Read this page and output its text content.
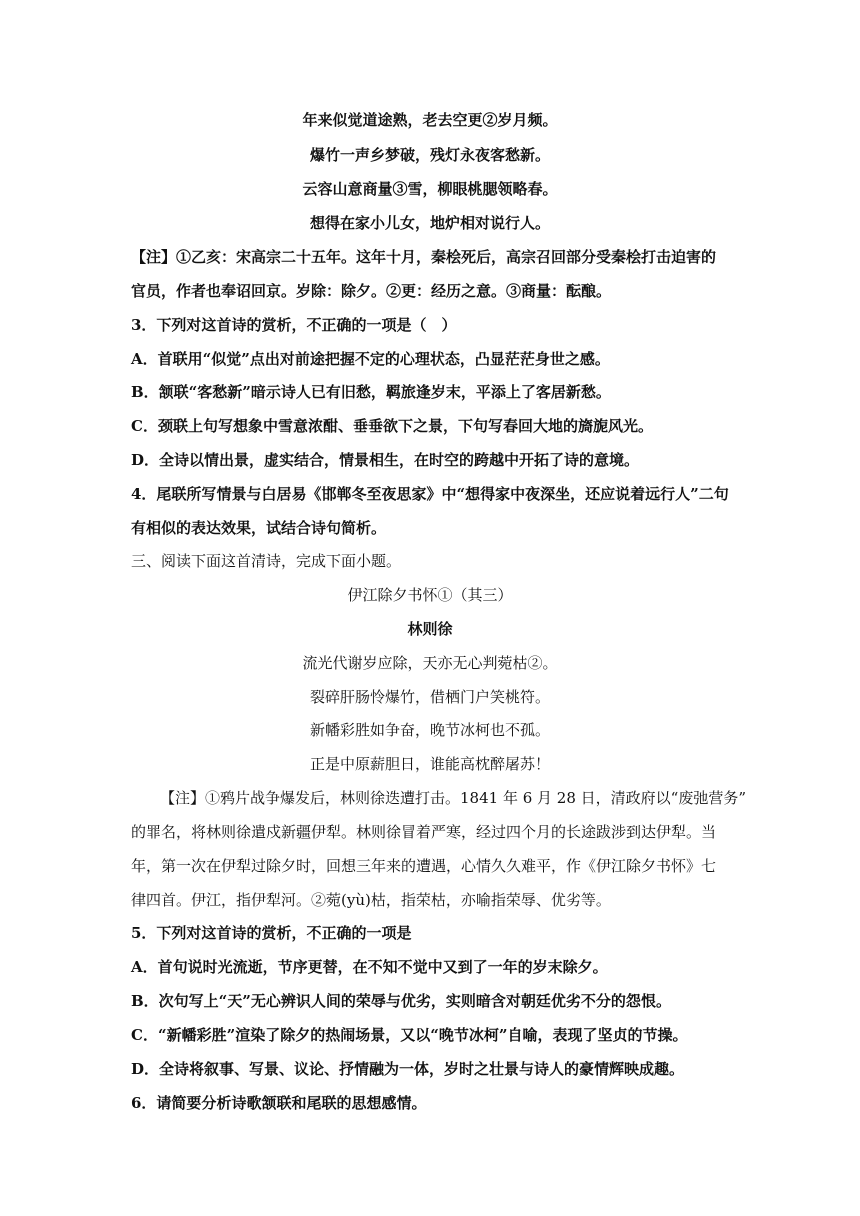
年来似觉道途熟，老去空更②岁月频。
爆竹一声乡梦破，残灯永夜客愁新。
云容山意商量③雪，柳眼桃腮领略春。
想得在家小儿女，地炉相对说行人。
【注】①乙亥：宋高宗二十五年。这年十月，秦桧死后，高宗召回部分受秦桧打击迫害的
官员，作者也奉诏回京。岁除：除夕。②更：经历之意。③商量：酝酿。
3．下列对这首诗的赏析，不正确的一项是（　）
A．首联用“似觉”点出对前途把握不定的心理状态，凸显茫茫身世之感。
B．颔联“客愁新”暗示诗人已有旧愁，羁旅逢岁末，平添上了客居新愁。
C．颈联上句写想象中雪意浓酣、垂垂欲下之景，下句写春回大地的旖旎风光。
D．全诗以情出景，虚实结合，情景相生，在时空的跨越中开拓了诗的意境。
4．尾联所写情景与白居易《邯郸冬至夜思家》中“想得家中夜深坐，还应说着远行人”二句
有相似的表达效果，试结合诗句简析。
三、阅读下面这首清诗，完成下面小题。
伊江除夕书怀①（其三）
林则徐
流光代谢岁应除，天亦无心判菀枯②。
裂碎肝肠怜爆竹，借栖门户笑桃符。
新幡彩胜如争奋，晚节冰柯也不孤。
正是中原薪胆日，谁能高枕醉屠苏！
【注】①鸦片战争爆发后，林则徐迭遭打击。1841 年 6 月 28 日，清政府以“废弛营务”
的罪名，将林则徐遣戍新疆伊犁。林则徐冒着严寒，经过四个月的长途跋涉到达伊犁。当
年，第一次在伊犁过除夕时，回想三年来的遭遇，心情久久难平，作《伊江除夕书怀》七
律四首。伊江，指伊犁河。②菀(yù)枯，指荣枯，亦喻指荣辱、优劣等。
5．下列对这首诗的赏析，不正确的一项是
A．首句说时光流逝，节序更替，在不知不觉中又到了一年的岁末除夕。
B．次句写上“天”无心辨识人间的荣辱与优劣，实则暗含对朝廷优劣不分的怨恨。
C．“新幡彩胜”渲染了除夕的热闹场景，又以“晚节冰柯”自喻，表现了坚贞的节操。
D．全诗将叙事、写景、议论、抒情融为一体，岁时之壮景与诗人的豪情辉映成趣。
6．请简要分析诗歌颔联和尾联的思想感情。
